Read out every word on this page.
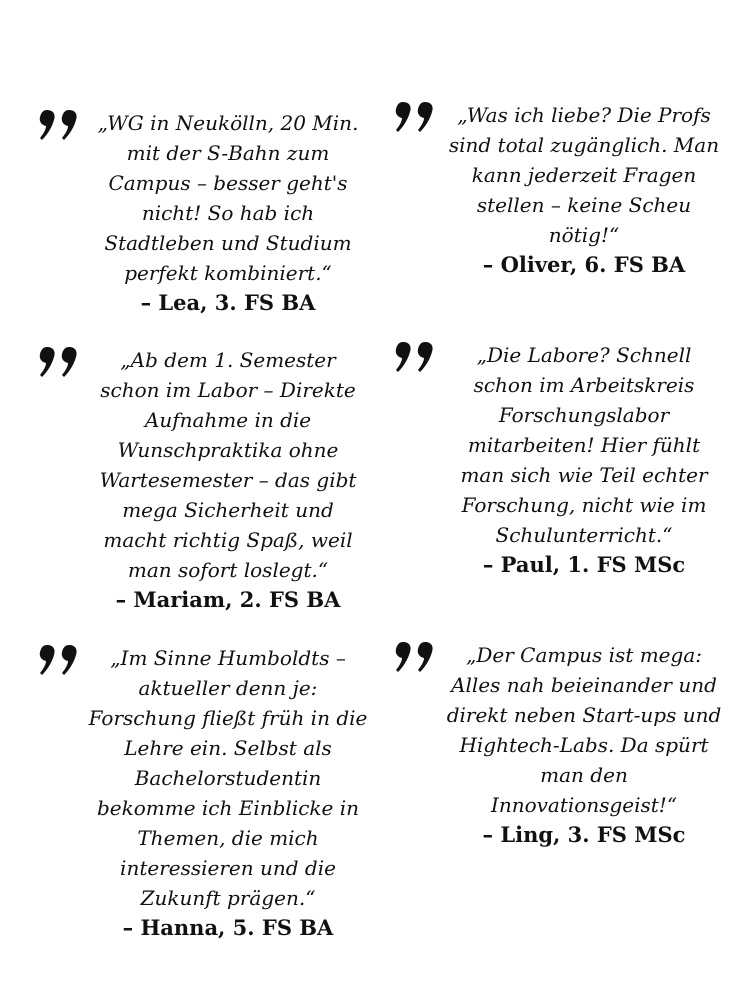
„WG in Neukölln, 20 Min. mit der S-Bahn zum Campus – besser geht's nicht! So hab ich Stadtleben und Studium perfekt kombiniert.“

– Lea, 3. FS BA

„Was ich liebe? Die Profs sind total zugänglich. Man kann jederzeit Fragen stellen – keine Scheu nötig!“

– Oliver, 6. FS BA

„Ab dem 1. Semester schon im Labor – Direkte Aufnahme in die Wunschpraktika ohne Wartesemester – das gibt mega Sicherheit und macht richtig Spaß, weil man sofort loslegt.“

– Mariam, 2. FS BA

„Die Labore? Schnell schon im Arbeitskreis Forschungslabor mitarbeiten! Hier fühlt man sich wie Teil echter Forschung, nicht wie im Schulunterricht.“

– Paul, 1. FS MSc

„Im Sinne Humboldts – aktueller denn je: Forschung fließt früh in die Lehre ein. Selbst als Bachelorstudentin bekomme ich Einblicke in Themen, die mich interessieren und die Zukunft prägen.“

– Hanna, 5. FS BA

„Der Campus ist mega: Alles nah beieinander und direkt neben Start-ups und Hightech-Labs. Da spürt man den Innovationsgeist!“

– Ling, 3. FS MSc
